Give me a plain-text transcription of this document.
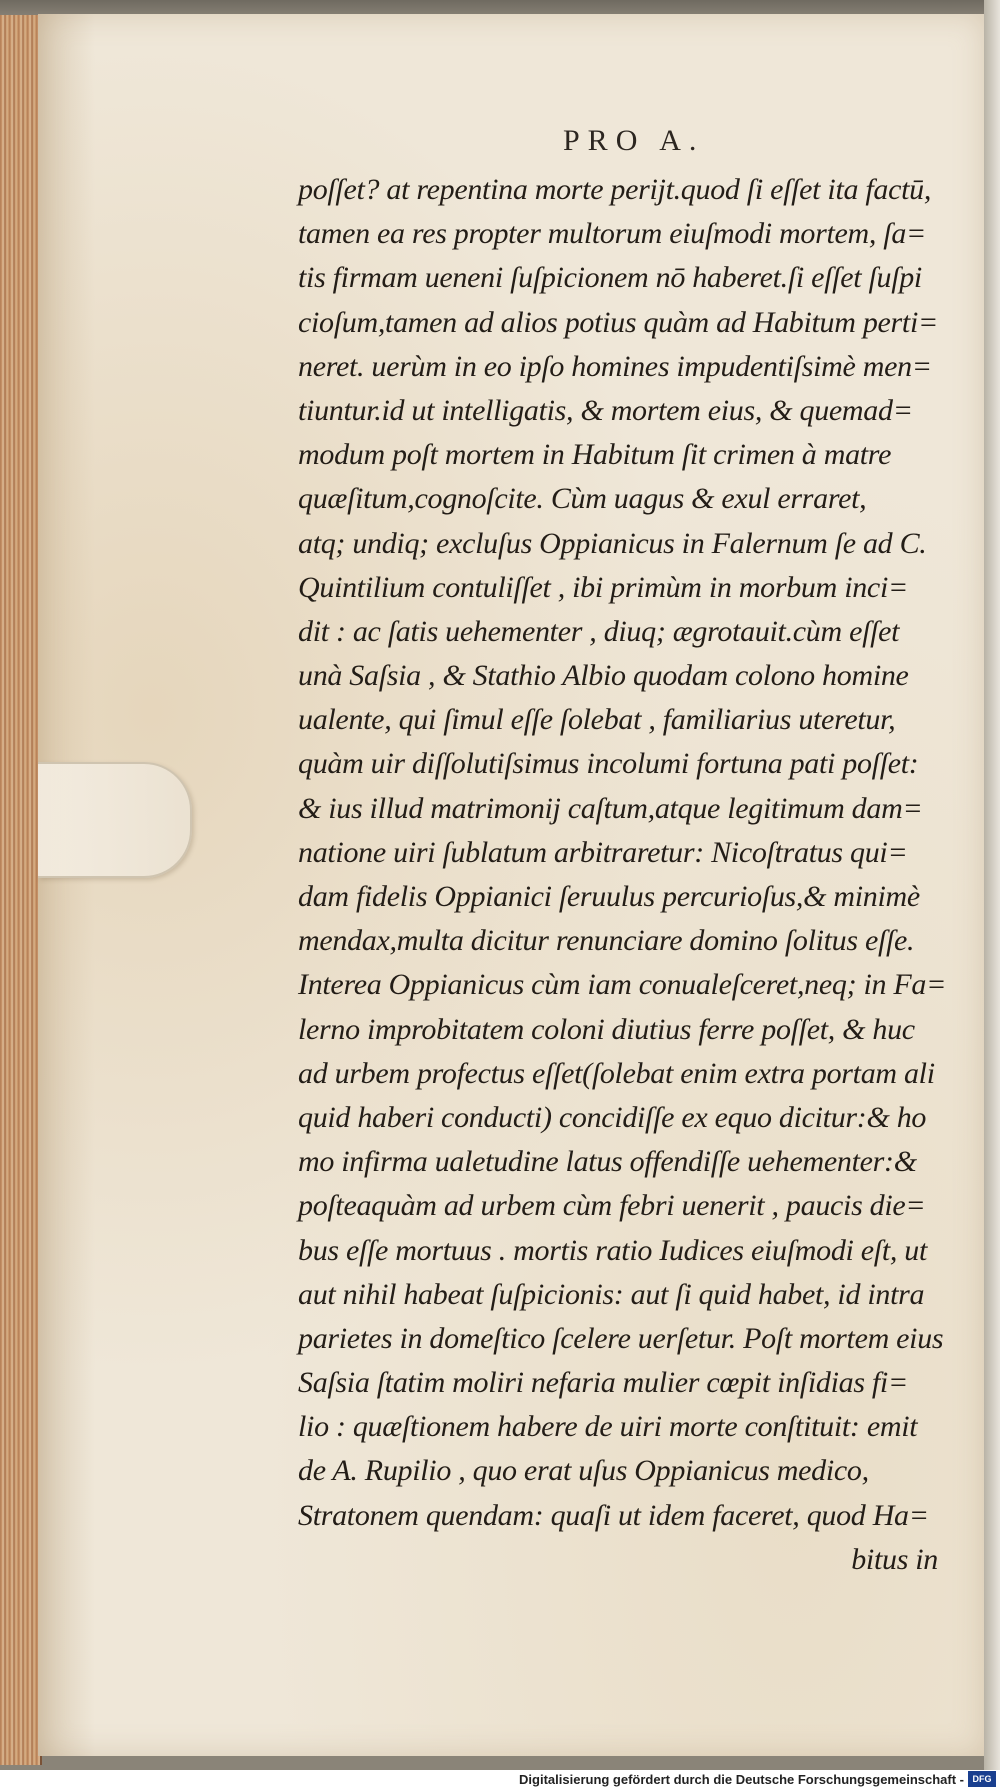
PRO A.
poſſet? at repentina morte perijt.quod ſi eſſet ita factū,
tamen ea res propter multorum eiuſmodi mortem, ſa=
tis firmam ueneni ſuſpicionem nō haberet.ſi eſſet ſuſpi
cioſum,tamen ad alios potius quàm ad Habitum perti=
neret. uerùm in eo ipſo homines impudentiſsimè men=
tiuntur.id ut intelligatis, & mortem eius, & quemad=
modum poſt mortem in Habitum ſit crimen à matre
quæſitum,cognoſcite. Cùm uagus & exul erraret,
atq; undiq; excluſus Oppianicus in Falernum ſe ad C.
Quintilium contuliſſet , ibi primùm in morbum inci=
dit : ac ſatis uehementer , diuq; ægrotauit.cùm eſſet
unà Saſsia , & Stathio Albio quodam colono homine
ualente, qui ſimul eſſe ſolebat , familiarius uteretur,
quàm uir diſſolutiſsimus incolumi fortuna pati poſſet:
& ius illud matrimonij caſtum,atque legitimum dam=
natione uiri ſublatum arbitraretur: Nicoſtratus qui=
dam fidelis Oppianici ſeruulus percurioſus,& minimè
mendax,multa dicitur renunciare domino ſolitus eſſe.
Interea Oppianicus cùm iam conualeſceret,neq; in Fa=
lerno improbitatem coloni diutius ferre poſſet, & huc
ad urbem profectus eſſet(ſolebat enim extra portam ali
quid haberi conducti) concidiſſe ex equo dicitur:& ho
mo infirma ualetudine latus offendiſſe uehementer:&
poſteaquàm ad urbem cùm febri uenerit , paucis die=
bus eſſe mortuus . mortis ratio Iudices eiuſmodi eſt, ut
aut nihil habeat ſuſpicionis: aut ſi quid habet, id intra
parietes in domeſtico ſcelere uerſetur. Poſt mortem eius
Saſsia ſtatim moliri nefaria mulier cœpit inſidias fi=
lio : quæſtionem habere de uiri morte conſtituit: emit
de A. Rupilio , quo erat uſus Oppianicus medico,
Stratonem quendam: quaſi ut idem faceret, quod Ha=
bitus in
Digitalisierung gefördert durch die Deutsche Forschungsgemeinschaft - DFG
